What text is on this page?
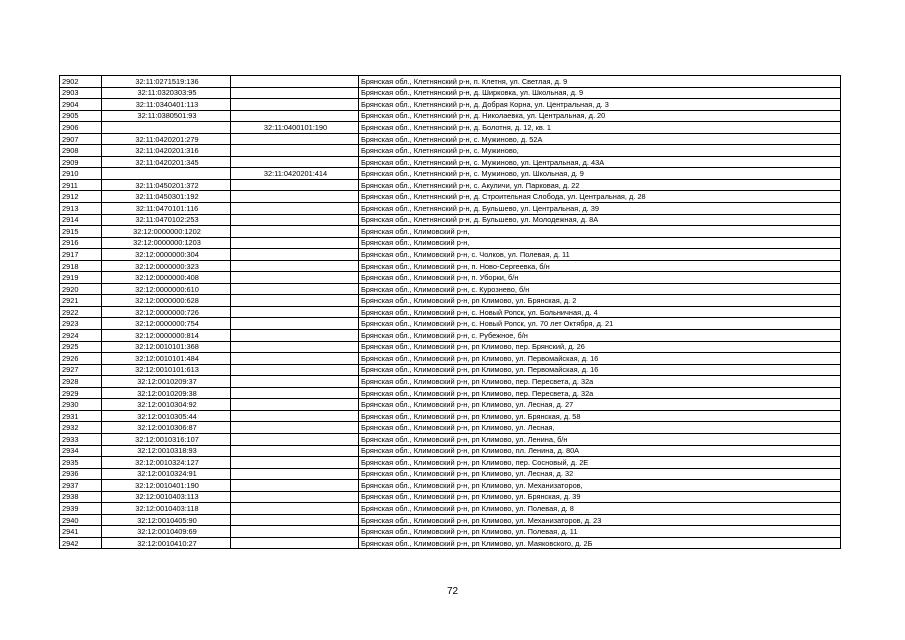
2902	32:11:0271519:136		Брянская обл., Клетнянский р-н, п. Клетня, ул. Светлая, д. 9
2903	32:11:0320303:95		Брянская обл., Клетнянский р-н, д. Ширковка, ул. Школьная, д. 9
2904	32:11:0340401:113		Брянская обл., Клетнянский р-н, д. Добрая Корна, ул. Центральная, д. 3
2905	32:11:0380501:93		Брянская обл., Клетнянский р-н, д. Николаевка, ул. Центральная, д. 20
2906		32:11:0400101:190	Брянская обл., Клетнянский р-н, д. Болотня, д. 12, кв. 1
2907	32:11:0420201:279		Брянская обл., Клетнянский р-н, с. Мужиново, д. 52А
2908	32:11:0420201:316		Брянская обл., Клетнянский р-н, с. Мужиново,
2909	32:11:0420201:345		Брянская обл., Клетнянский р-н, с. Мужиново, ул. Центральная, д. 43А
2910		32:11:0420201:414	Брянская обл., Клетнянский р-н, с. Мужиново, ул. Школьная, д. 9
2911	32:11:0450201:372		Брянская обл., Клетнянский р-н, с. Акуличи, ул. Парковая, д. 22
2912	32:11:0450301:192		Брянская обл., Клетнянский р-н, д. Строительная Слобода, ул. Центральная, д. 28
2913	32:11:0470101:116		Брянская обл., Клетнянский р-н, д. Бульшево, ул. Центральная, д. 39
2914	32:11:0470102:253		Брянская обл., Клетнянский р-н, д. Бульшево, ул. Молодежная, д. 8А
2915	32:12:0000000:1202		Брянская обл., Климовский р-н,
2916	32:12:0000000:1203		Брянская обл., Климовский р-н,
2917	32:12:0000000:304		Брянская обл., Климовский р-н, с. Чолков, ул. Полевая, д. 11
2918	32:12:0000000:323		Брянская обл., Климовский р-н, п. Ново-Сергеевка, б/н
2919	32:12:0000000:408		Брянская обл., Климовский р-н, п. Уборки, б/н
2920	32:12:0000000:610		Брянская обл., Климовский р-н, с. Курознево, б/н
2921	32:12:0000000:628		Брянская обл., Климовский р-н, рп Климово, ул. Брянская, д. 2
2922	32:12:0000000:726		Брянская обл., Климовский р-н, с. Новый Ропск, ул. Больничная, д. 4
2923	32:12:0000000:754		Брянская обл., Климовский р-н, с. Новый Ропск, ул. 70 лет Октября, д. 21
2924	32:12:0000000:814		Брянская обл., Климовский р-н, с. Рубежное, б/н
2925	32:12:0010101:368		Брянская обл., Климовский р-н, рп Климово, пер. Брянский, д. 26
2926	32:12:0010101:484		Брянская обл., Климовский р-н, рп Климово, ул. Первомайская, д. 16
2927	32:12:0010101:613		Брянская обл., Климовский р-н, рп Климово, ул. Первомайская, д. 16
2928	32:12:0010209:37		Брянская обл., Климовский р-н, рп Климово, пер. Пересвета, д. 32а
2929	32:12:0010209:38		Брянская обл., Климовский р-н, рп Климово, пер. Пересвета, д. 32а
2930	32:12:0010304:92		Брянская обл., Климовский р-н, рп Климово, ул. Лесная, д. 27
2931	32:12:0010305:44		Брянская обл., Климовский р-н, рп Климово, ул. Брянская, д. 58
2932	32:12:0010306:87		Брянская обл., Климовский р-н, рп Климово, ул. Лесная,
2933	32:12:0010316:107		Брянская обл., Климовский р-н, рп Климово, ул. Ленина, б/н
2934	32:12:0010318:93		Брянская обл., Климовский р-н, рп Климово, пл. Ленина, д. 80А
2935	32:12:0010324:127		Брянская обл., Климовский р-н, рп Климово, пер. Сосновый, д. 2Е
2936	32:12:0010324:91		Брянская обл., Климовский р-н, рп Климово, ул. Лесная, д. 32
2937	32:12:0010401:190		Брянская обл., Климовский р-н, рп Климово, ул. Механизаторов,
2938	32:12:0010403:113		Брянская обл., Климовский р-н, рп Климово, ул. Брянская, д. 39
2939	32:12:0010403:118		Брянская обл., Климовский р-н, рп Климово, ул. Полевая, д. 8
2940	32:12:0010405:90		Брянская обл., Климовский р-н, рп Климово, ул. Механизаторов, д. 23
2941	32:12:0010409:69		Брянская обл., Климовский р-н, рп Климово, ул. Полевая, д. 11
2942	32:12:0010410:27		Брянская обл., Климовский р-н, рп Климово, ул. Маяковского, д. 2Б
72
